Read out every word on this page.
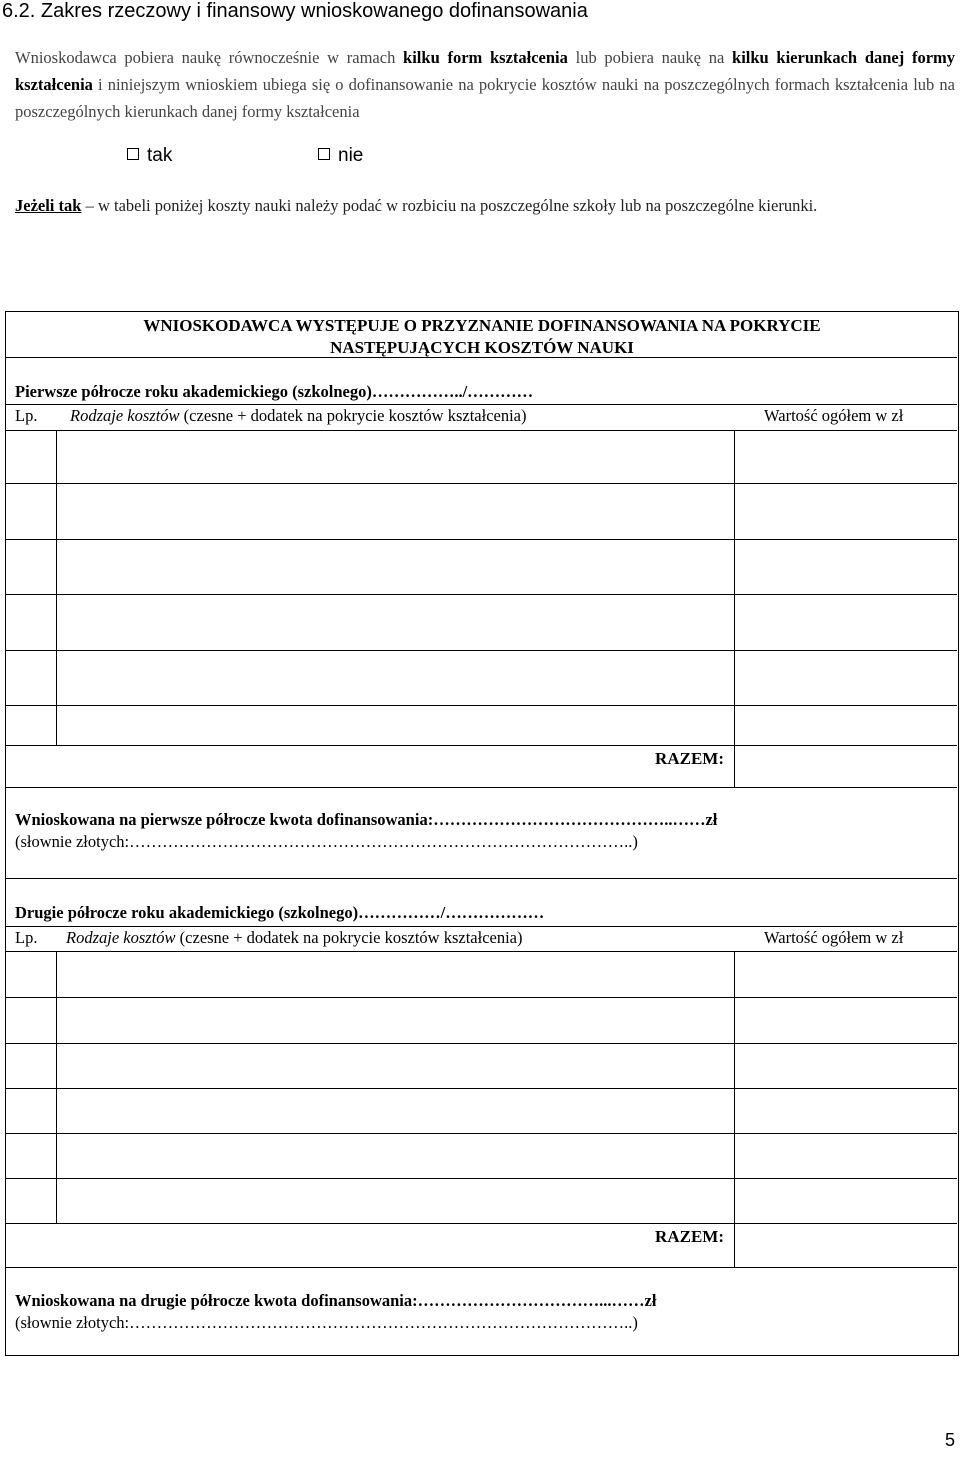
6.2. Zakres rzeczowy i finansowy wnioskowanego dofinansowania
Wnioskodawca pobiera naukę równocześnie w ramach kilku form kształcenia lub pobiera naukę na kilku kierunkach danej formy kształcenia i niniejszym wnioskiem ubiega się o dofinansowanie na pokrycie kosztów nauki na poszczególnych formach kształcenia lub na poszczególnych kierunkach danej formy kształcenia
tak	nie
Jeżeli tak – w tabeli poniżej koszty nauki należy podać w rozbiciu na poszczególne szkoły lub na poszczególne kierunki.
WNIOSKODAWCA WYSTĘPUJE O PRZYZNANIE DOFINANSOWANIA NA POKRYCIE
NASTĘPUJĄCYCH KOSZTÓW NAUKI
Pierwsze półrocze roku akademickiego (szkolnego)……………../…………
Lp. Rodzaje kosztów (czesne + dodatek na pokrycie kosztów kształcenia)	Wartość ogółem w zł
RAZEM:
Wnioskowana na pierwsze półrocze kwota dofinansowania:……………………………………..……zł
(słownie złotych:………………………………………………………………………………..)
Drugie półrocze roku akademickiego (szkolnego)……………/………………
Lp. Rodzaje kosztów (czesne + dodatek na pokrycie kosztów kształcenia)	Wartość ogółem w zł
RAZEM:
Wnioskowana na drugie półrocze kwota dofinansowania:……………………………...……zł
(słownie złotych:………………………………………………………………………………..)
5
